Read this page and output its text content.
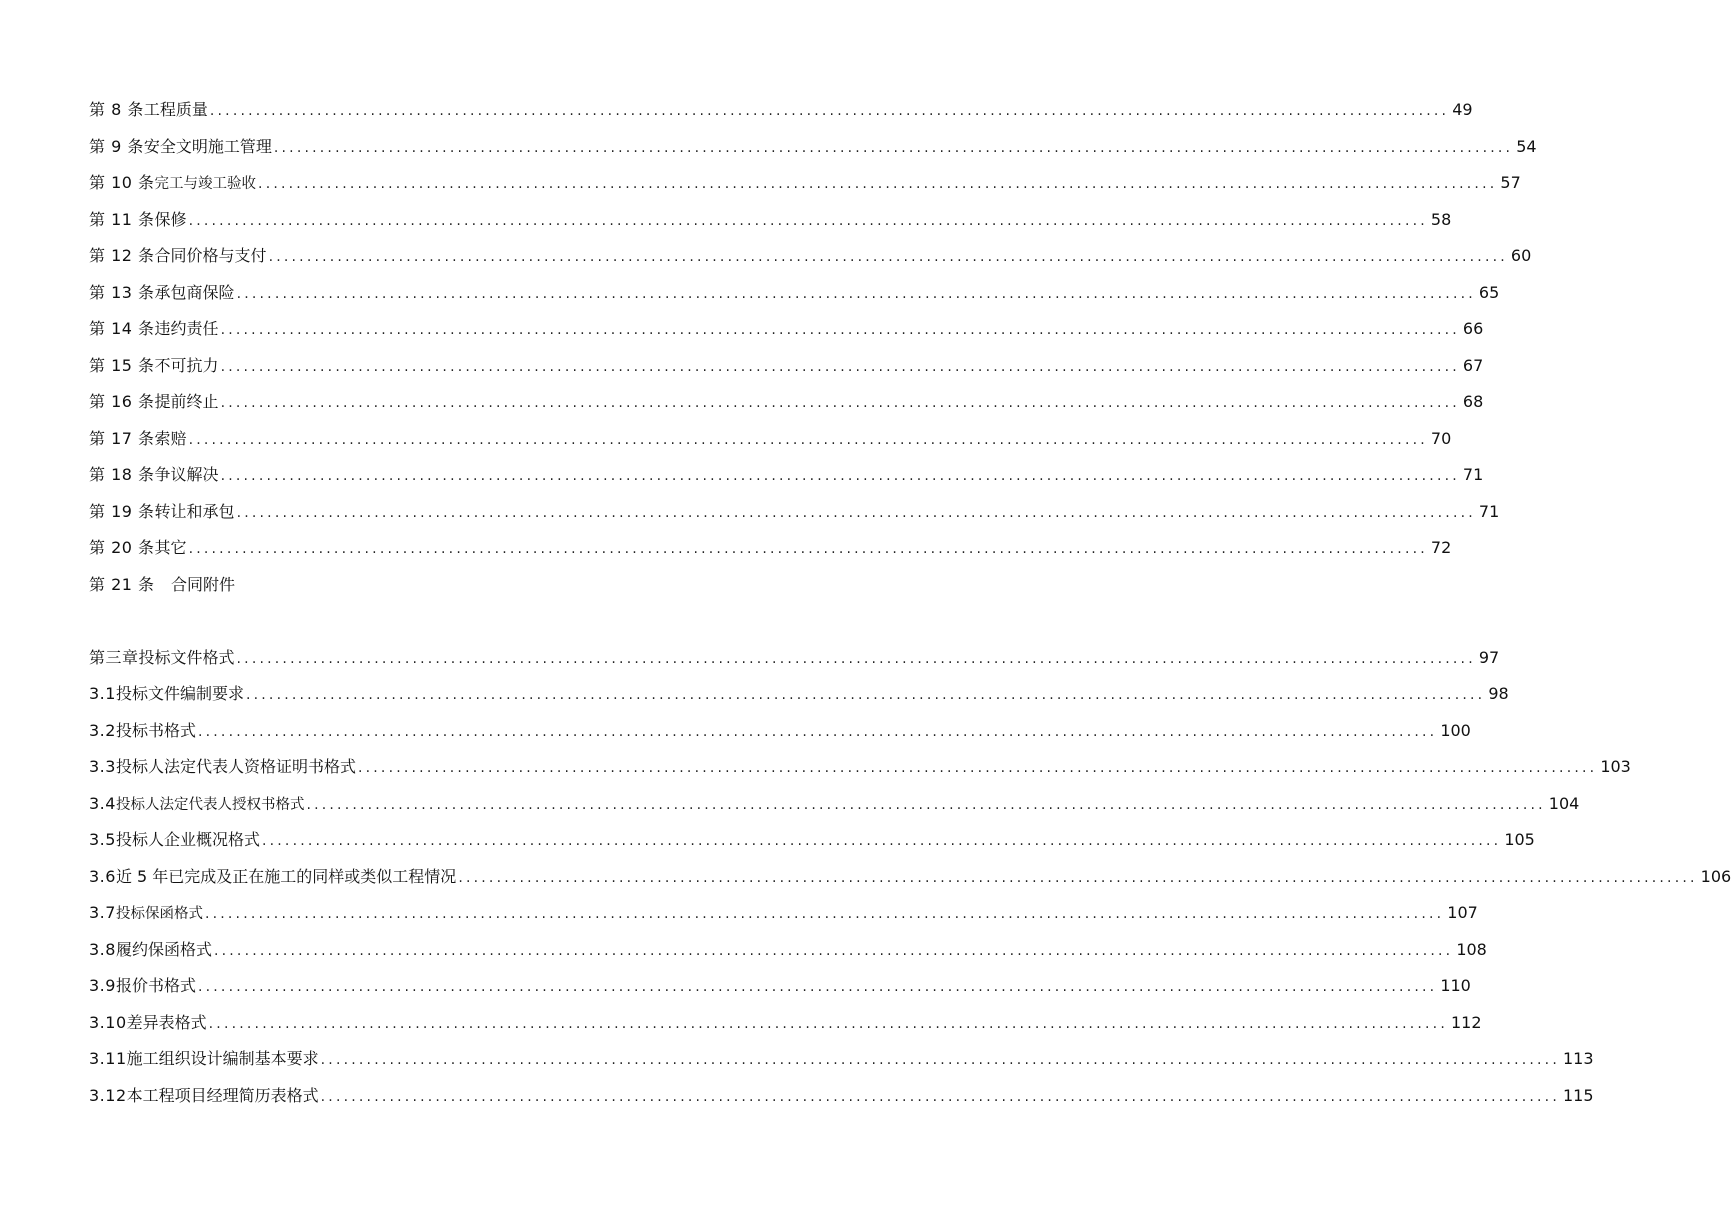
第 8 条 工程质量 .................................................................................................................................................................. 49
第 9 条 安全文明施工管理 .................................................................................................................................................................. 54
第 10 条 完工与竣工验收 .................................................................................................................................................................. 57
第 11 条 保修 .................................................................................................................................................................. 58
第 12 条 合同价格与支付 .................................................................................................................................................................. 60
第 13 条 承包商保险 .................................................................................................................................................................. 65
第 14 条 违约责任 .................................................................................................................................................................. 66
第 15 条 不可抗力 .................................................................................................................................................................. 67
第 16 条 提前终止 .................................................................................................................................................................. 68
第 17 条 索赔 .................................................................................................................................................................. 70
第 18 条 争议解决 .................................................................................................................................................................. 71
第 19 条 转让和承包 .................................................................................................................................................................. 71
第 20 条 其它 .................................................................................................................................................................. 72
第 21 条	合同附件
第三章 投标文件格式 .................................................................................................................................................................. 97
3.1 投标文件编制要求 .................................................................................................................................................................. 98
3.2 投标书格式 .................................................................................................................................................................. 100
3.3 投标人法定代表人资格证明书格式 .................................................................................................................................................................. 103
3.4 投标人法定代表人授权书格式 .................................................................................................................................................................. 104
3.5 投标人企业概况格式 .................................................................................................................................................................. 105
3.6 近 5 年已完成及正在施工的同样或类似工程情况 .................................................................................................................................................................. 106
3.7 投标保函格式 .................................................................................................................................................................. 107
3.8 履约保函格式 .................................................................................................................................................................. 108
3.9 报价书格式 .................................................................................................................................................................. 110
3.10 差异表格式 .................................................................................................................................................................. 112
3.11 施工组织设计编制基本要求 .................................................................................................................................................................. 113
3.12 本工程项目经理简历表格式 .................................................................................................................................................................. 115
